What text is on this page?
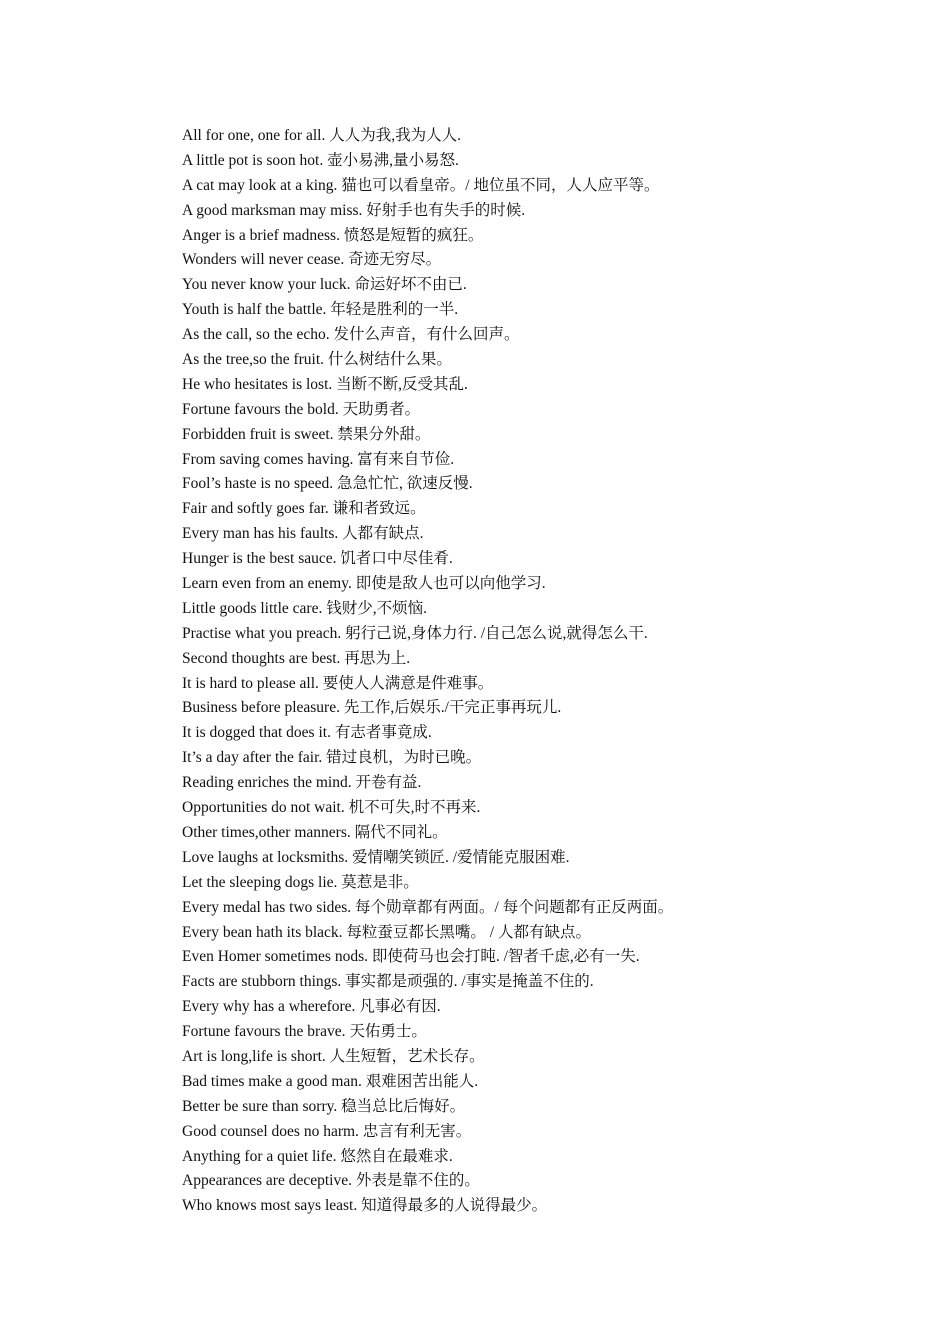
All for one, one for all. 人人为我,我为人人.
A little pot is soon hot. 壶小易沸,量小易怒.
A cat may look at a king. 猫也可以看皇帝。/ 地位虽不同，人人应平等。
A good marksman may miss. 好射手也有失手的时候.
Anger is a brief madness. 愤怒是短暂的疯狂。
Wonders will never cease. 奇迹无穷尽。
You never know your luck. 命运好坏不由已.
Youth is half the battle. 年轻是胜利的一半.
As the call, so the echo. 发什么声音，有什么回声。
As the tree,so the fruit. 什么树结什么果。
He who hesitates is lost. 当断不断,反受其乱.
Fortune favours the bold. 天助勇者。
Forbidden fruit is sweet. 禁果分外甜。
From saving comes having. 富有来自节俭.
Fool’s haste is no speed. 急急忙忙, 欲速反慢.
Fair and softly goes far. 谦和者致远。
Every man has his faults. 人都有缺点.
Hunger is the best sauce. 饥者口中尽佳肴.
Learn even from an enemy. 即使是敌人也可以向他学习.
Little goods little care. 钱财少,不烦恼.
Practise what you preach. 躬行己说,身体力行. /自己怎么说,就得怎么干.
Second thoughts are best. 再思为上.
It is hard to please all. 要使人人满意是件难事。
Business before pleasure. 先工作,后娱乐./干完正事再玩儿.
It is dogged that does it. 有志者事竟成.
It’s a day after the fair. 错过良机，为时已晚。
Reading enriches the mind. 开卷有益.
Opportunities do not wait. 机不可失,时不再来.
Other times,other manners. 隔代不同礼。
Love laughs at locksmiths. 爱情嘲笑锁匠. /爱情能克服困难.
Let the sleeping dogs lie. 莫惹是非。
Every medal has two sides. 每个勋章都有两面。/ 每个问题都有正反两面。
Every bean hath its black. 每粒蚕豆都长黑嘴。 / 人都有缺点。
Even Homer sometimes nods. 即使荷马也会打盹. /智者千虑,必有一失.
Facts are stubborn things. 事实都是顽强的. /事实是掩盖不住的.
Every why has a wherefore. 凡事必有因.
Fortune favours the brave. 天佑勇士。
Art is long,life is short. 人生短暂，艺术长存。
Bad times make a good man. 艰难困苦出能人.
Better be sure than sorry. 稳当总比后悔好。
Good counsel does no harm. 忠言有利无害。
Anything for a quiet life. 悠然自在最难求.
Appearances are deceptive. 外表是靠不住的。
Who knows most says least. 知道得最多的人说得最少。
